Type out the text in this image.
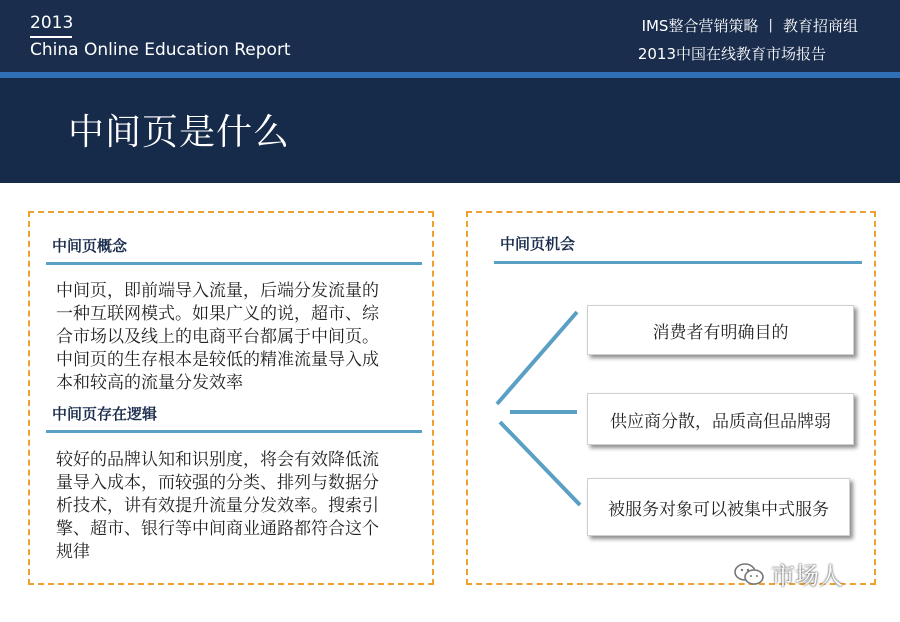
2013
China Online Education Report
IMS整合营销策略 丨 教育招商组
2013中国在线教育市场报告
中间页是什么
中间页概念
中间页，即前端导入流量，后端分发流量的
一种互联网模式。如果广义的说，超市、综
合市场以及线上的电商平台都属于中间页。
中间页的生存根本是较低的精准流量导入成
本和较高的流量分发效率
中间页存在逻辑
较好的品牌认知和识别度，将会有效降低流
量导入成本，而较强的分类、排列与数据分
析技术，讲有效提升流量分发效率。搜索引
擎、超市、银行等中间商业通路都符合这个
规律
中间页机会
消费者有明确目的
供应商分散，品质高但品牌弱
被服务对象可以被集中式服务
市场人
